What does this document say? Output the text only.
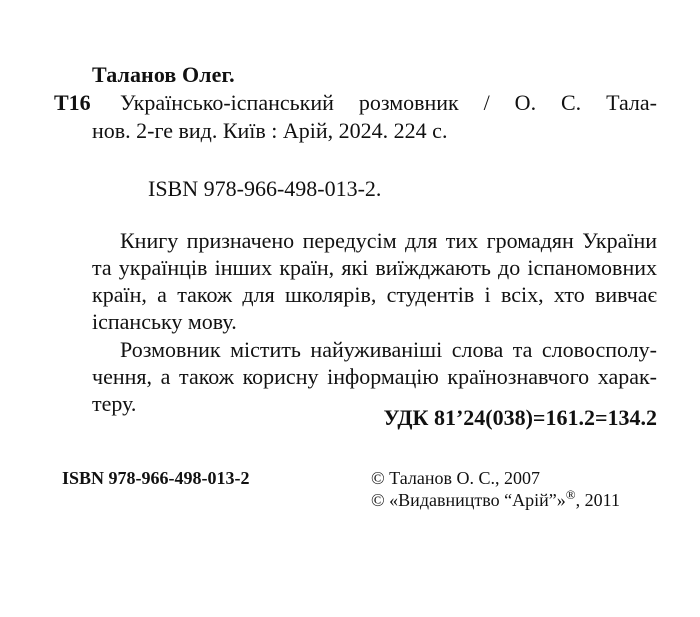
Таланов Олег.
Т16 Українсько-іспанський розмовник / О. С. Тала-
нов. 2-ге вид. Київ : Арій, 2024. 224 с.
ISBN 978-966-498-013-2.
Книгу призначено передусім для тих громадян України
та українців інших країн, які виїжджають до іспаномовних
країн, а також для школярів, студентів і всіх, хто вивчає
іспанську мову.
Розмовник містить найуживаніші слова та словосполу-
чення, а також корисну інформацію країнознавчого харак-
теру.
УДК 81’24(038)=161.2=134.2
ISBN 978-966-498-013-2	© Таланов О. С., 2007
© «Видавництво “Арій”»®, 2011
